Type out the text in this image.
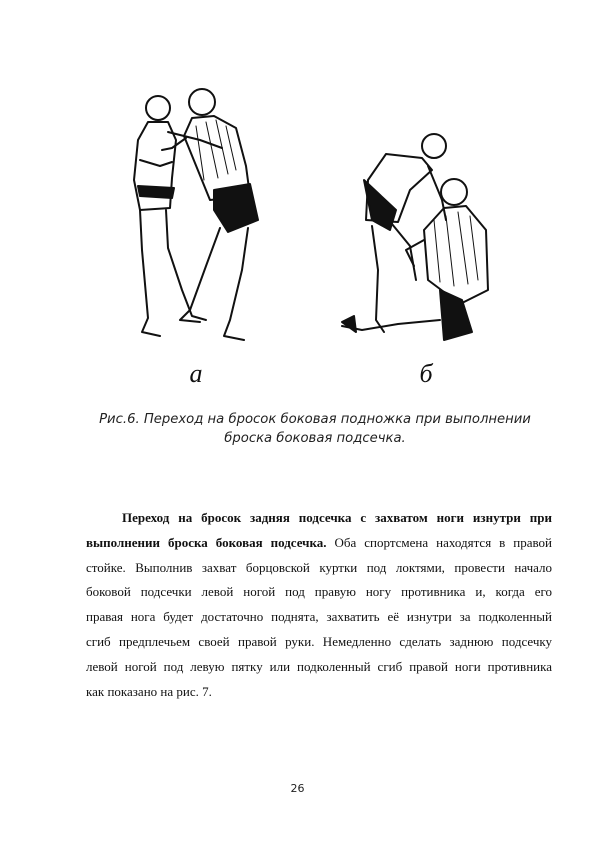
а	б
Рис.6. Переход на бросок боковая подножка при выполнении
броска боковая подсечка.
Переход на бросок задняя подсечка с захватом ноги изнутри при
выполнении броска боковая подсечка. Оба спортсмена находятся в правой
стойке. Выполнив захват борцовской куртки под локтями, провести начало
боковой подсечки левой ногой под правую ногу противника и, когда его
правая нога будет достаточно поднята, захватить её изнутри за подколенный
сгиб предплечьем своей правой руки. Немедленно сделать заднюю подсечку
левой ногой под левую пятку или подколенный сгиб правой ноги противника
как показано на рис. 7.
26
